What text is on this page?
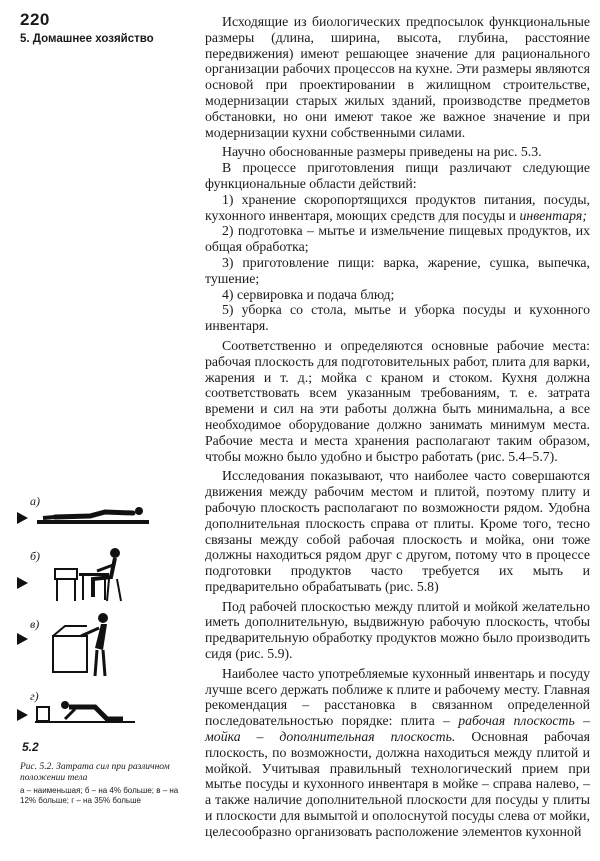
220
5. Домашнее хозяйство
а)
б)
в)
г)
5.2
Рис. 5.2. Затрата сил при различном положении тела
а – наименьшая; б – на 4% больше; в – на 12% больше; г – на 35% больше

Исходящие из биологических предпосылок функциональные размеры (длина, ширина, высота, глубина, расстояние передвижения) имеют решающее значение для рационального организации рабочих процессов на кухне. Эти размеры являются основой при проектировании в жилищном строительстве, модернизации старых жилых зданий, производстве предметов обстановки, но они имеют такое же важное значение и при модернизации кухни собственными силами.

Научно обоснованные размеры приведены на рис. 5.3.

В процессе приготовления пищи различают следующие функциональные области действий:

1) хранение скоропортящихся продуктов питания, посуды, кухонного инвентаря, моющих средств для посуды и инвентаря;

2) подготовка – мытье и измельчение пищевых продуктов, их общая обработка;

3) приготовление пищи: варка, жарение, сушка, выпечка, тушение;

4) сервировка и подача блюд;

5) уборка со стола, мытье и уборка посуды и кухонного инвентаря.

Соответственно и определяются основные рабочие места: рабочая плоскость для подготовительных работ, плита для варки, жарения и т. д.; мойка с краном и стоком. Кухня должна соответствовать всем указанным требованиям, т. е. затрата времени и сил на эти работы должна быть минимальна, а все необходимое оборудование должно занимать минимум места. Рабочие места и места хранения располагают таким образом, чтобы можно было удобно и быстро работать (рис. 5.4–5.7).

Исследования показывают, что наиболее часто совершаются движения между рабочим местом и плитой, поэтому плиту и рабочую плоскость располагают по возможности рядом. Удобна дополнительная плоскость справа от плиты. Кроме того, тесно связаны между собой рабочая плоскость и мойка, они тоже должны находиться рядом друг с другом, потому что в процессе подготовки продуктов часто требуется их мыть и предварительно обрабатывать (рис. 5.8)

Под рабочей плоскостью между плитой и мойкой желательно иметь дополнительную, выдвижную рабочую плоскость, чтобы предварительную обработку продуктов можно было производить сидя (рис. 5.9).

Наиболее часто употребляемые кухонный инвентарь и посуду лучше всего держать поближе к плите и рабочему месту. Главная рекомендация – расстановка в связанном определенной последовательностью порядке: плита – рабочая плоскость – мойка – дополнительная плоскость. Основная рабочая плоскость, по возможности, должна находиться между плитой и мойкой. Учитывая правильный технологический прием при мытье посуды и кухонного инвентаря в мойке – справа налево, – а также наличие дополнительной плоскости для посуды у плиты и плоскости для вымытой и ополоснутой посуды слева от мойки, целесообразно организовать расположение элементов кухонной
